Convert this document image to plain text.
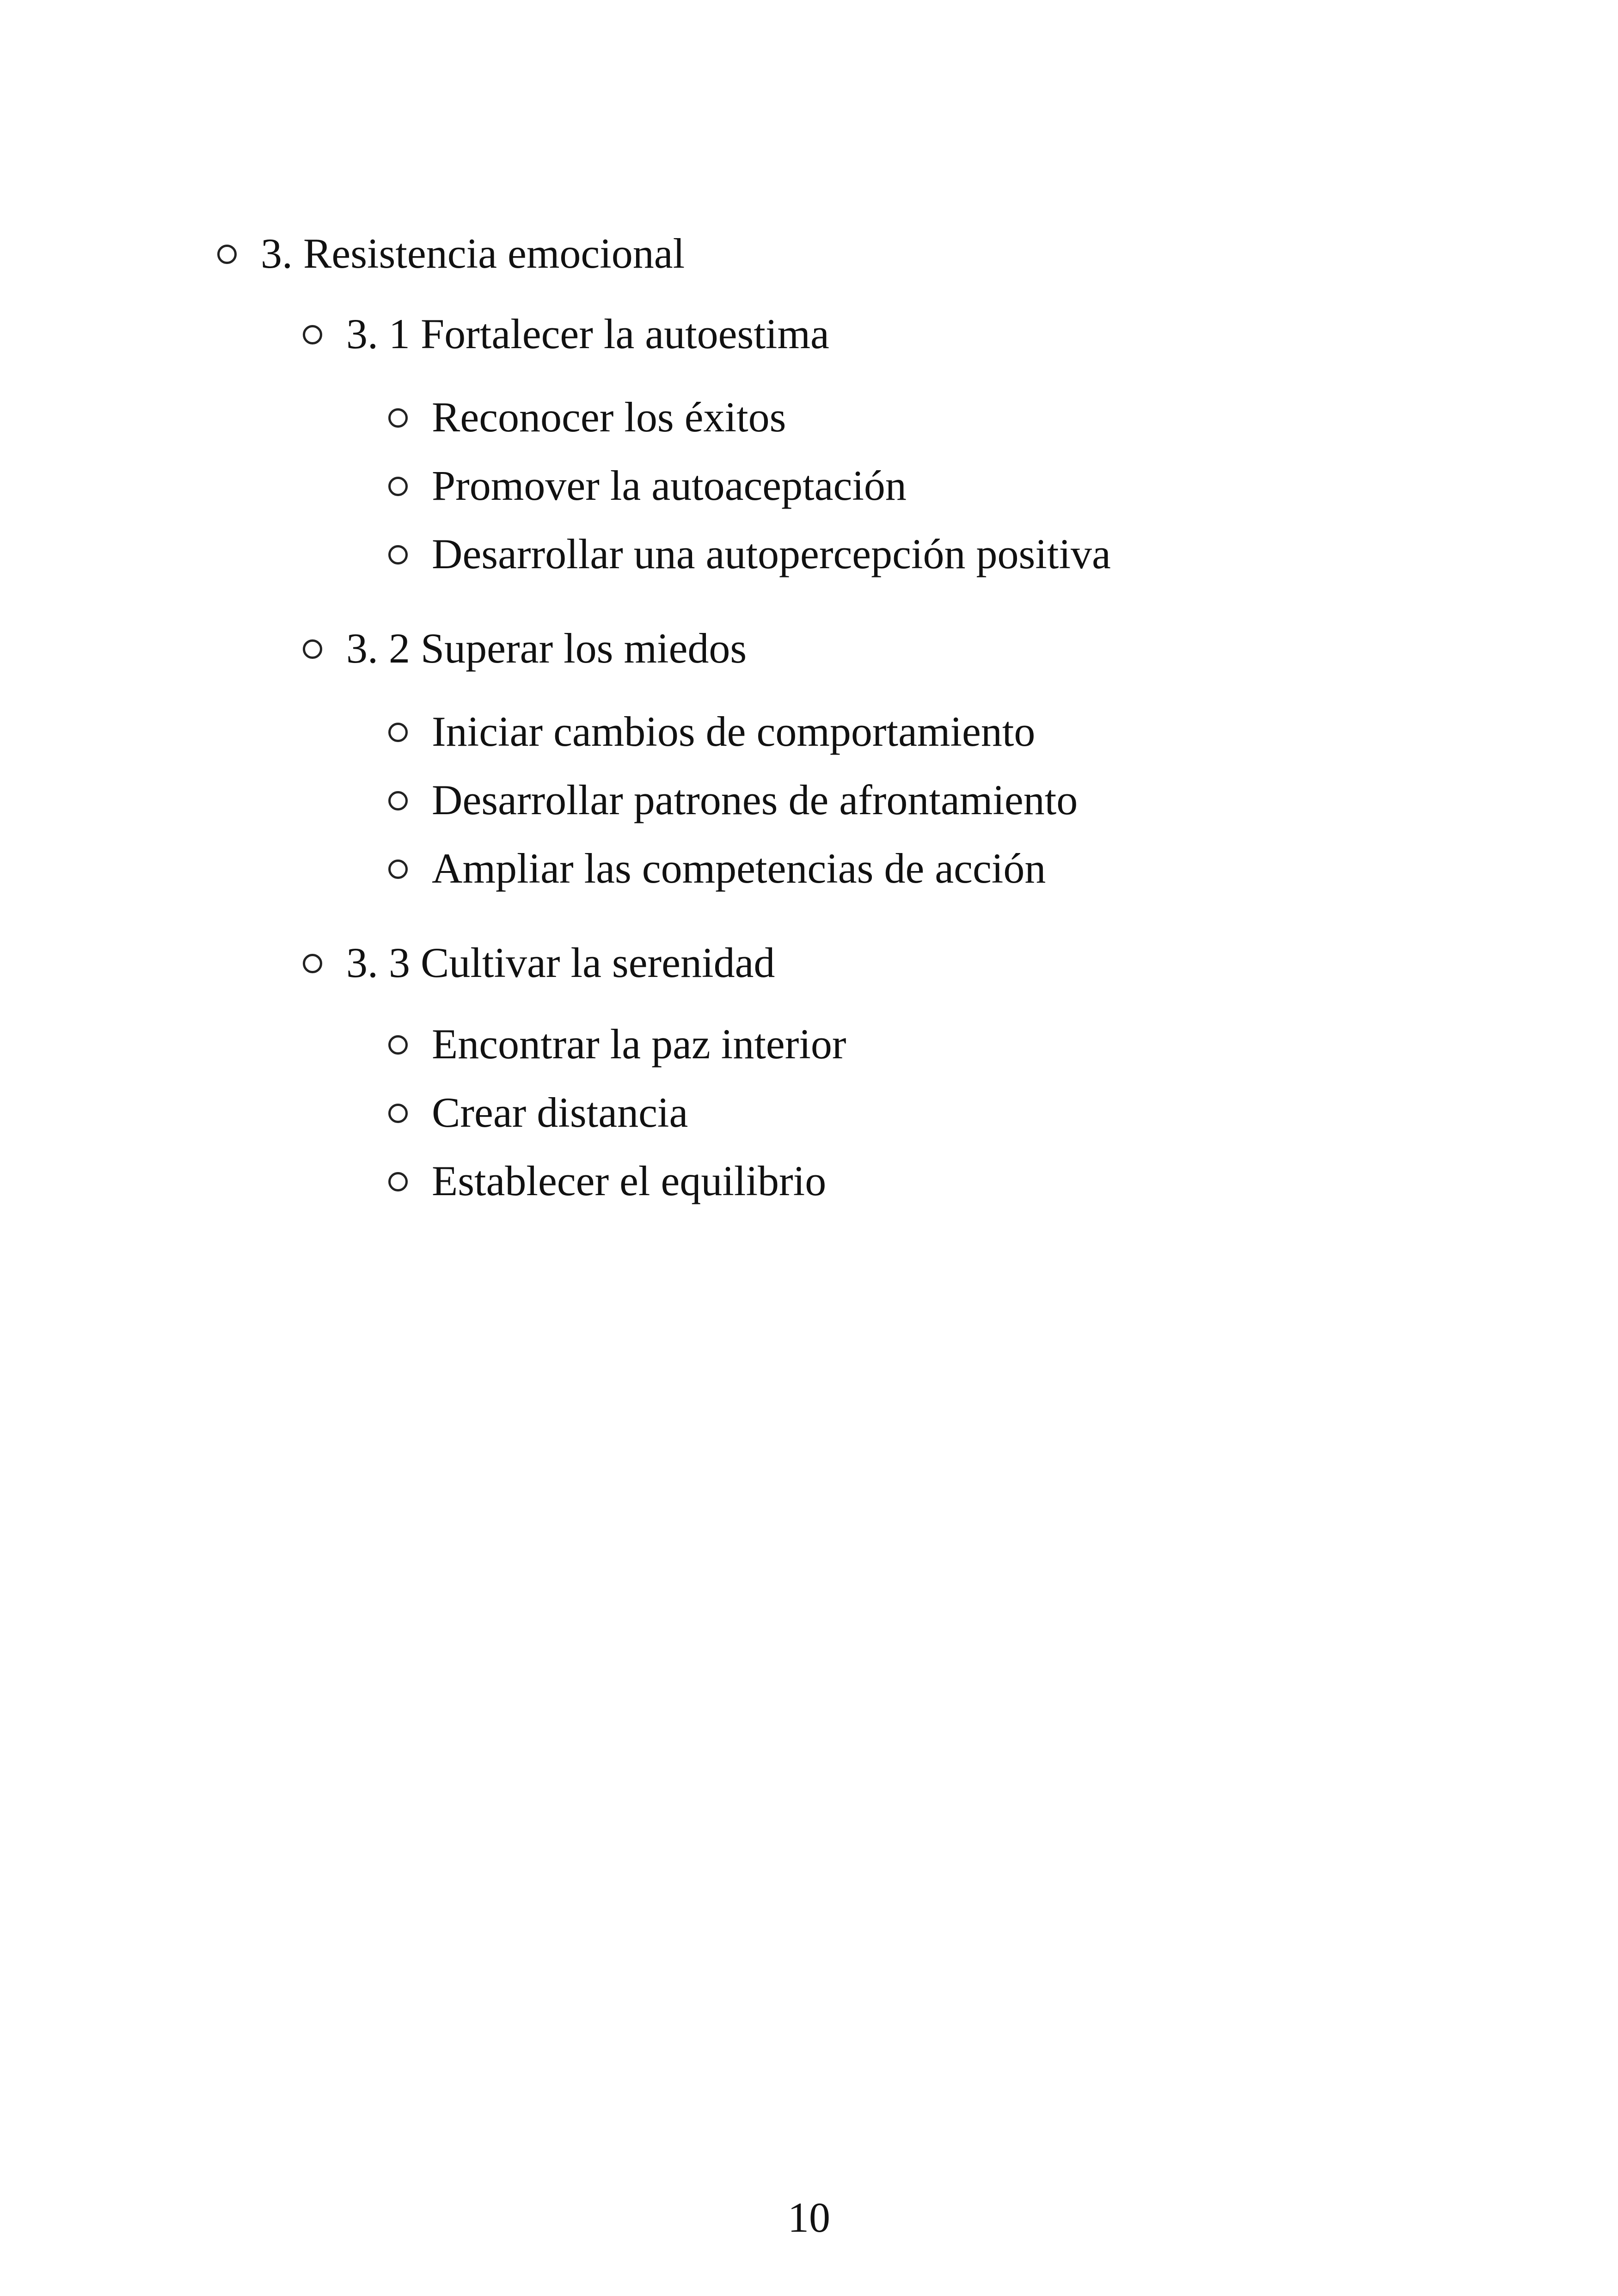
3. Resistencia emocional
3. 1 Fortalecer la autoestima
Reconocer los éxitos
Promover la autoaceptación
Desarrollar una autopercepción positiva
3. 2 Superar los miedos
Iniciar cambios de comportamiento
Desarrollar patrones de afrontamiento
Ampliar las competencias de acción
3. 3 Cultivar la serenidad
Encontrar la paz interior
Crear distancia
Establecer el equilibrio
10
